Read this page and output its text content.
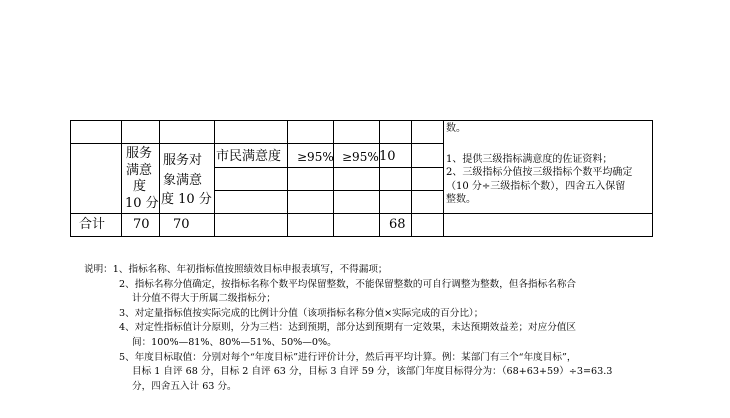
数。
服务
满意
度
10 分
服务对
象满意
度 10 分
市民满意度 ≥95% ≥95% 10	1、提供三级指标满意度的佐证资料；
2、三级指标分值按三级指标个数平均确定
（10 分÷三级指标个数），四舍五入保留
整数。
合计 70 70	68
说明：1、指标名称、年初指标值按照绩效目标申报表填写，不得漏项；
2、指标名称分值确定，按指标名称个数平均保留整数，不能保留整数的可自行调整为整数，但各指标名称合
计分值不得大于所属二级指标分；
3、对定量指标值按实际完成的比例计分值（该项指标名称分值×实际完成的百分比）；
4、对定性指标值计分原则，分为三档：达到预期，部分达到预期有一定效果，未达预期效益差；对应分值区
间：100%—81%、80%—51%、50%—0%。
5、年度目标取值：分别对每个“年度目标”进行评价计分，然后再平均计算。例：某部门有三个“年度目标”，
目标 1 自评 68 分，目标 2 自评 63 分，目标 3 自评 59 分，该部门年度目标得分为：（68+63+59）÷3=63.3
分，四舍五入计 63 分。
